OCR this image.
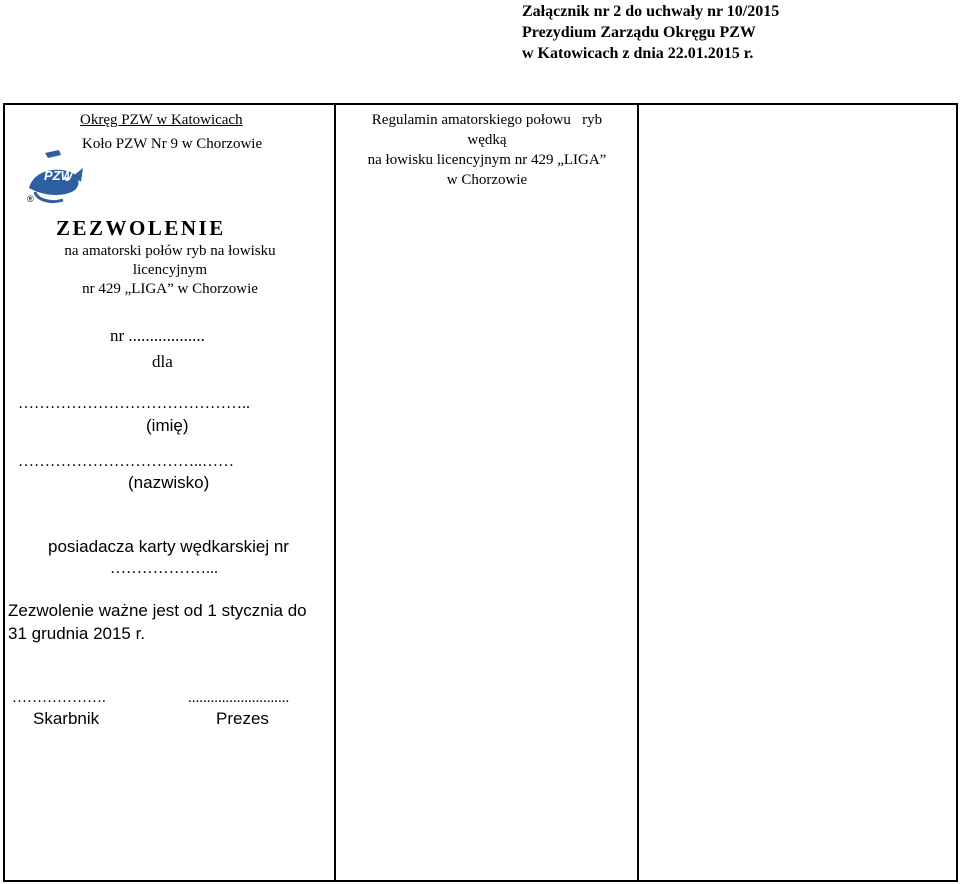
Załącznik nr 2 do uchwały nr 10/2015
Prezydium Zarządu Okręgu PZW
w Katowicach z dnia 22.01.2015 r.
Okręg PZW w Katowicach
Koło PZW Nr 9 w Chorzowie
PZW
®
ZEZWOLENIE
na amatorski połów ryb na łowisku
licencyjnym
nr 429 „LIGA” w Chorzowie
nr ..................
dla
……………………………………..
(imię)
……………………………..……
(nazwisko)
posiadacza karty wędkarskiej nr
………………...
Zezwolenie ważne jest od 1 stycznia do
31 grudnia 2015 r.
……………….	...........................
Skarbnik	Prezes
Regulamin amatorskiego połowu   ryb
wędką
na łowisku licencyjnym nr 429 „LIGA”
w Chorzowie
